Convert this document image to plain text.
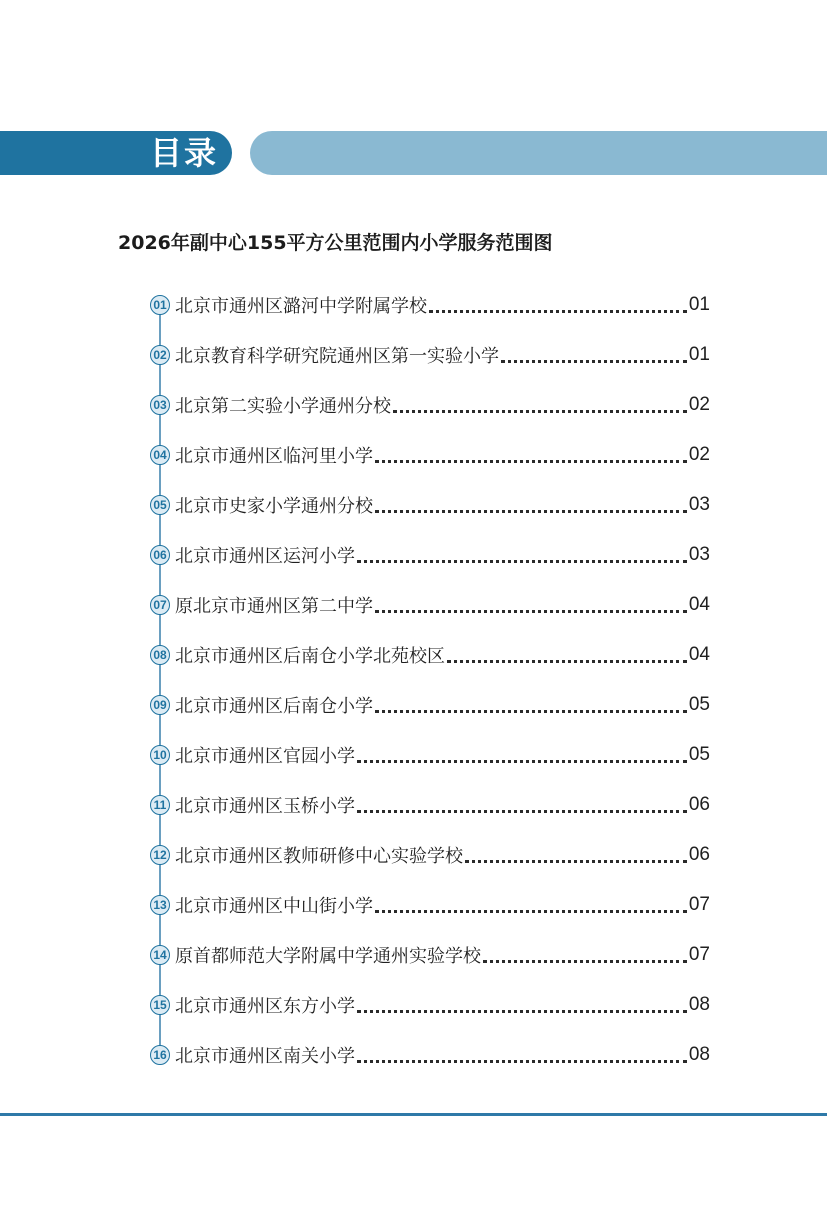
目录
2026年副中心155平方公里范围内小学服务范围图
01 北京市通州区潞河中学附属学校	01
02 北京教育科学研究院通州区第一实验小学	01
03 北京第二实验小学通州分校	02
04 北京市通州区临河里小学	02
05 北京市史家小学通州分校	03
06 北京市通州区运河小学	03
07 原北京市通州区第二中学	04
08 北京市通州区后南仓小学北苑校区	04
09 北京市通州区后南仓小学	05
10 北京市通州区官园小学	05
11 北京市通州区玉桥小学	06
12 北京市通州区教师研修中心实验学校	06
13 北京市通州区中山街小学	07
14 原首都师范大学附属中学通州实验学校	07
15 北京市通州区东方小学	08
16 北京市通州区南关小学	08
